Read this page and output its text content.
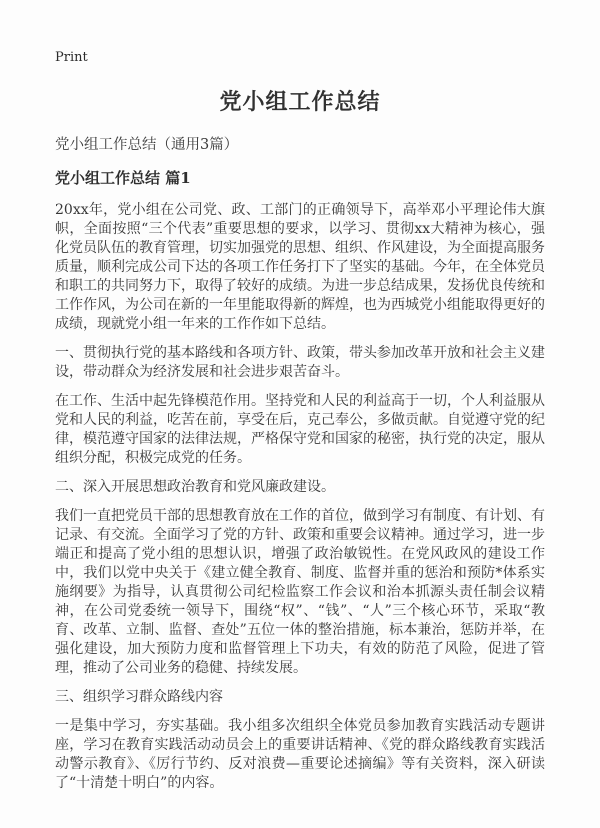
Print
党小组工作总结

党小组工作总结（通用3篇）

党小组工作总结 篇1

20xx年，党小组在公司党、政、工部门的正确领导下，高举邓小平理论伟大旗帜，全面按照“三个代表”重要思想的要求，以学习、贯彻xx大精神为核心，强化党员队伍的教育管理，切实加强党的思想、组织、作风建设，为全面提高服务质量，顺利完成公司下达的各项工作任务打下了坚实的基础。今年，在全体党员和职工的共同努力下，取得了较好的成绩。为进一步总结成果，发扬优良传统和工作作风，为公司在新的一年里能取得新的辉煌，也为西城党小组能取得更好的成绩，现就党小组一年来的工作作如下总结。

一、贯彻执行党的基本路线和各项方针、政策，带头参加改革开放和社会主义建设，带动群众为经济发展和社会进步艰苦奋斗。

在工作、生活中起先锋模范作用。坚持党和人民的利益高于一切，个人利益服从党和人民的利益，吃苦在前，享受在后，克己奉公，多做贡献。自觉遵守党的纪律，模范遵守国家的法律法规，严格保守党和国家的秘密，执行党的决定，服从组织分配，积极完成党的任务。

二、深入开展思想政治教育和党风廉政建设。

我们一直把党员干部的思想教育放在工作的首位，做到学习有制度、有计划、有记录、有交流。全面学习了党的方针、政策和重要会议精神。通过学习，进一步端正和提高了党小组的思想认识，增强了政治敏锐性。在党风政风的建设工作中，我们以党中央关于《建立健全教育、制度、监督并重的惩治和预防*体系实施纲要》为指导，认真贯彻公司纪检监察工作会议和治本抓源头责任制会议精神，在公司党委统一领导下，围绕“权”、“钱”、“人”三个核心环节，采取“教育、改革、立制、监督、查处”五位一体的整治措施，标本兼治，惩防并举，在强化建设，加大预防力度和监督管理上下功夫，有效的防范了风险，促进了管理，推动了公司业务的稳健、持续发展。

三、组织学习群众路线内容

一是集中学习，夯实基础。我小组多次组织全体党员参加教育实践活动专题讲座，学习在教育实践活动动员会上的重要讲话精神、《党的群众路线教育实践活动警示教育》、《厉行节约、反对浪费—重要论述摘编》等有关资料，深入研读了“十清楚十明白”的内容。
